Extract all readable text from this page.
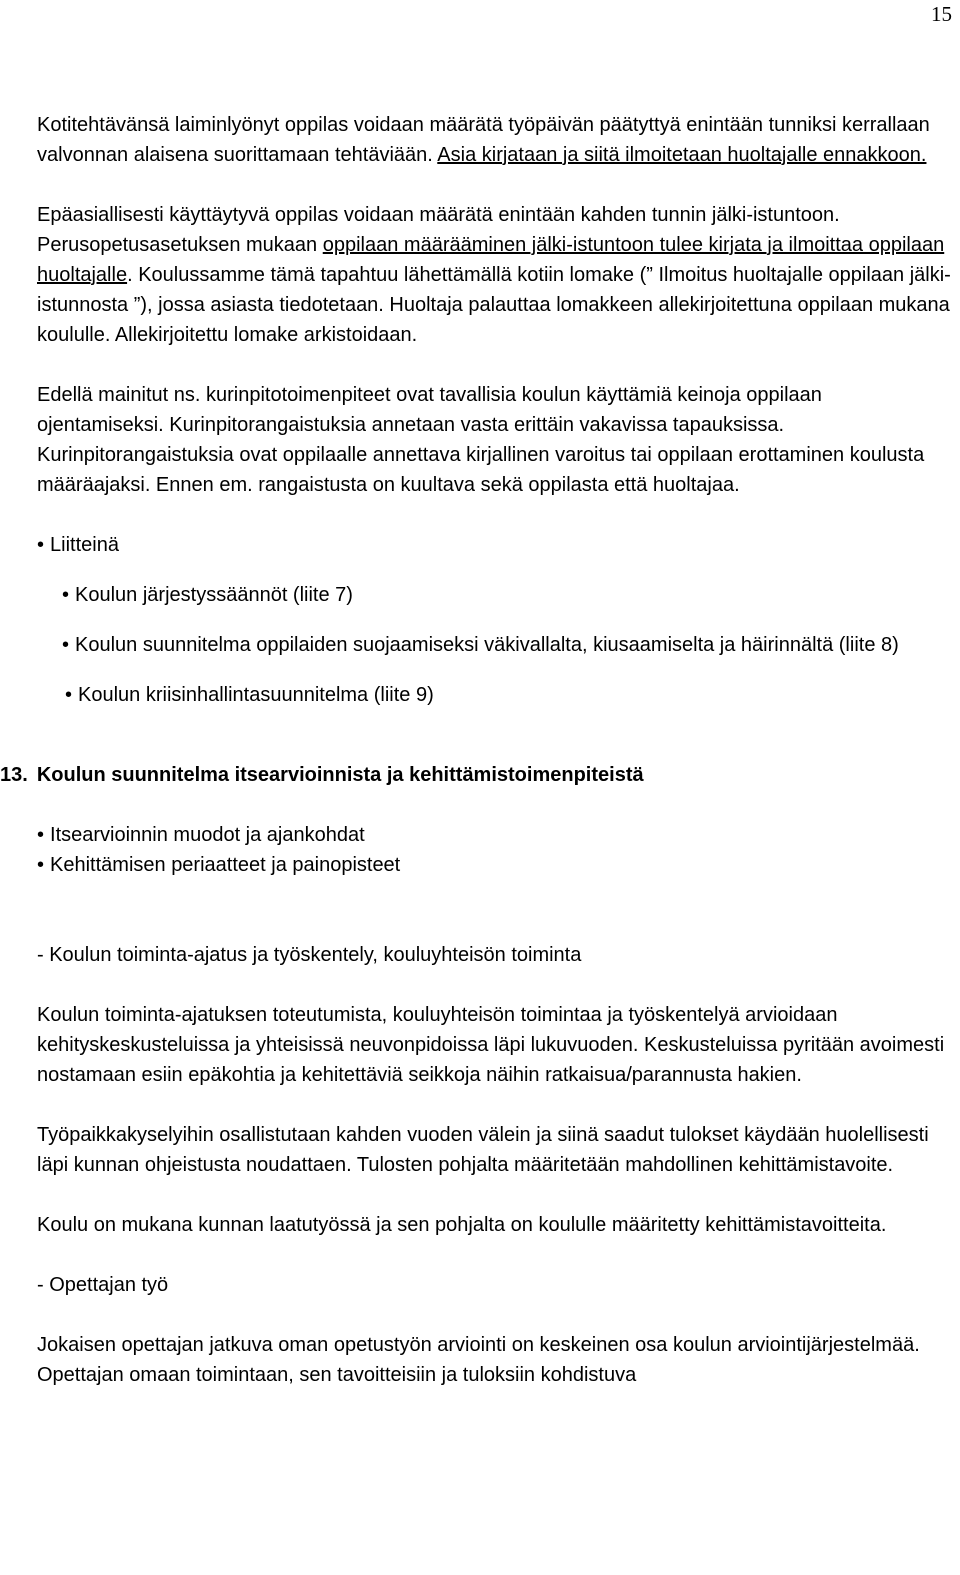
15

Kotitehtävänsä laiminlyönyt oppilas voidaan määrätä työpäivän päätyttyä enintään tunniksi kerrallaan valvonnan alaisena suorittamaan tehtäviään. Asia kirjataan ja siitä ilmoitetaan huoltajalle ennakkoon.

Epäasiallisesti käyttäytyvä oppilas voidaan määrätä enintään kahden tunnin jälki-istuntoon. Perusopetusasetuksen mukaan oppilaan määrääminen jälki-istuntoon tulee kirjata ja ilmoittaa oppilaan huoltajalle. Koulussamme tämä tapahtuu lähettämällä kotiin lomake (” Ilmoitus huoltajalle oppilaan jälki-istunnosta ”), jossa asiasta tiedotetaan. Huoltaja palauttaa lomakkeen allekirjoitettuna oppilaan mukana koululle. Allekirjoitettu lomake arkistoidaan.

Edellä mainitut ns. kurinpitotoimenpiteet ovat tavallisia koulun käyttämiä keinoja oppilaan ojentamiseksi. Kurinpitorangaistuksia annetaan vasta erittäin vakavissa tapauksissa. Kurinpitorangaistuksia ovat oppilaalle annettava kirjallinen varoitus tai oppilaan erottaminen koulusta määräajaksi. Ennen em. rangaistusta on kuultava sekä oppilasta että huoltajaa.

• Liitteinä

• Koulun järjestyssäännöt (liite 7)

• Koulun suunnitelma oppilaiden suojaamiseksi väkivallalta, kiusaamiselta ja häirinnältä (liite 8)

• Koulun kriisinhallintasuunnitelma (liite 9)

13. Koulun suunnitelma itsearvioinnista ja kehittämistoimenpiteistä

• Itsearvioinnin muodot ja ajankohdat

• Kehittämisen periaatteet ja painopisteet

- Koulun toiminta-ajatus ja työskentely, kouluyhteisön toiminta

Koulun toiminta-ajatuksen toteutumista, kouluyhteisön toimintaa ja työskentelyä arvioidaan kehityskeskusteluissa ja yhteisissä neuvonpidoissa läpi lukuvuoden. Keskusteluissa pyritään avoimesti nostamaan esiin epäkohtia ja kehitettäviä seikkoja näihin ratkaisua/parannusta hakien.

Työpaikkakyselyihin osallistutaan kahden vuoden välein ja siinä saadut tulokset käydään huolellisesti läpi kunnan ohjeistusta noudattaen. Tulosten pohjalta määritetään mahdollinen kehittämistavoite.

Koulu on mukana kunnan laatutyössä ja sen pohjalta on koululle määritetty kehittämistavoitteita.

- Opettajan työ

Jokaisen opettajan jatkuva oman opetustyön arviointi on keskeinen osa koulun arviointijärjestelmää. Opettajan omaan toimintaan, sen tavoitteisiin ja tuloksiin kohdistuva
